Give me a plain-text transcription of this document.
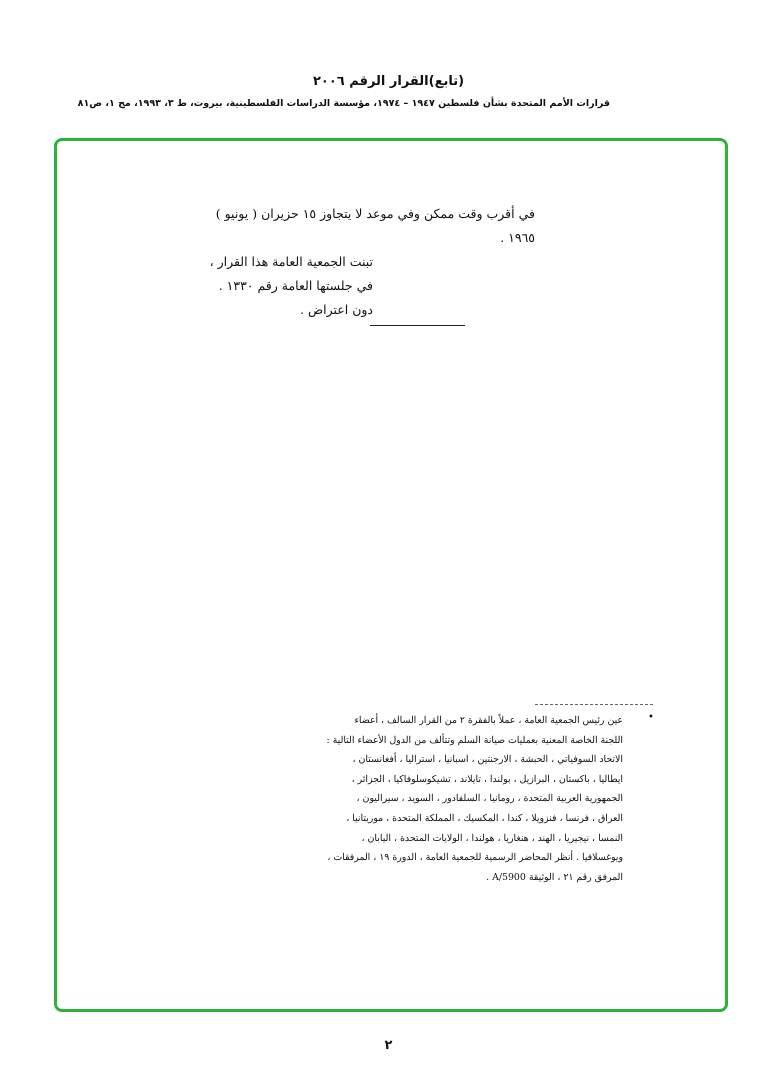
(تابع)القرار الرقم ٢٠٠٦
قرارات الأمم المتحدة بشأن فلسطين ١٩٤٧ – ١٩٧٤، مؤسسة الدراسات الفلسطينية، بيروت، ط ٣، ١٩٩٣، مج ١، ص٨١

في أقرب وقت ممكن وفي موعد لا يتجاوز ١٥ حزيران ( يونيو )

١٩٦٥ .

تبنت الجمعية العامة هذا القرار ،

في جلستها العامة رقم ١٣٣٠ .

دون اعتراض .

•

عين رئيس الجمعية العامة ، عملاً بالفقرة ٢ من القرار السالف ، أعضاء

اللجنة الخاصة المعنية بعمليات صيانة السلم وتتألف من الدول الأعضاء التالية :

الاتحاد السوفياتي ، الحبشة ، الارجنتين ، اسبانيا ، استراليا ، أفغانستان ،

ايطاليا ، باكستان ، البرازيل ، بولندا ، تايلاند ، تشيكوسلوفاكيا ، الجزائر ،

الجمهورية العربية المتحدة ، رومانيا ، السلفادور ، السويد ، سيراليون ،

العراق ، فرنسا ، فنزويلا ، كندا ، المكسيك ، المملكة المتحدة ، موريتانيا ،

النمسا ، نيجيريا ، الهند ، هنغاريا ، هولندا ، الولايات المتحدة ، اليابان ،

ويوغسلافيا . أنظر المحاضر الرسمية للجمعية العامة ، الدورة ١٩ ، المرفقات ،

المرفق رقم ٢١ ، الوثيقة A/5900 .

٢
